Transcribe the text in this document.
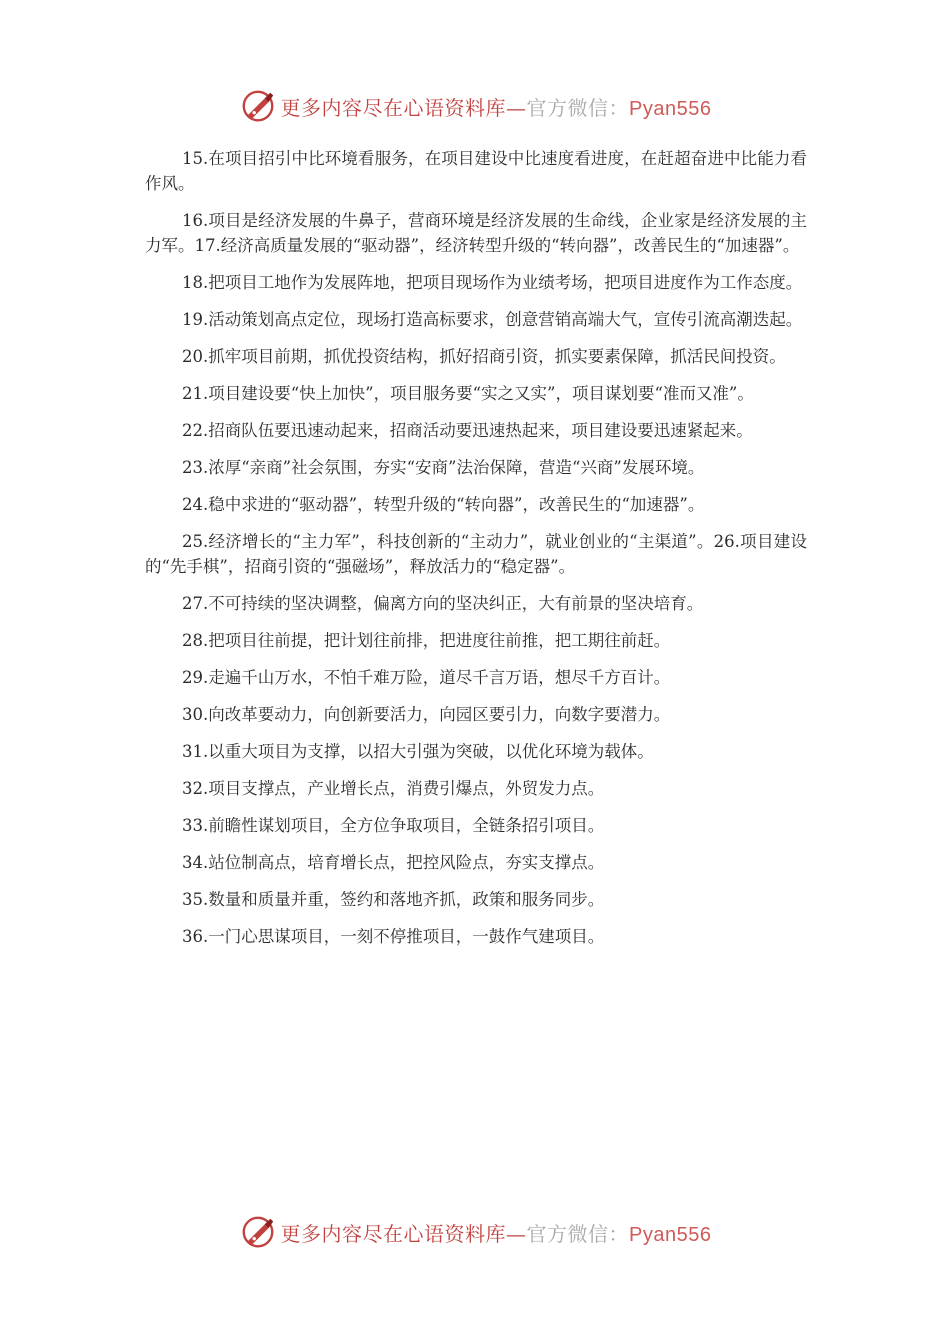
更多内容尽在心语资料库—官方微信：Pyan556

15.在项目招引中比环境看服务，在项目建设中比速度看进度，在赶超奋进中比能力看作风。

16.项目是经济发展的牛鼻子，营商环境是经济发展的生命线，企业家是经济发展的主力军。17.经济高质量发展的“驱动器”，经济转型升级的“转向器”，改善民生的“加速器”。

18.把项目工地作为发展阵地，把项目现场作为业绩考场，把项目进度作为工作态度。

19.活动策划高点定位，现场打造高标要求，创意营销高端大气，宣传引流高潮迭起。

20.抓牢项目前期，抓优投资结构，抓好招商引资，抓实要素保障，抓活民间投资。

21.项目建设要“快上加快”，项目服务要“实之又实”，项目谋划要“准而又准”。

22.招商队伍要迅速动起来，招商活动要迅速热起来，项目建设要迅速紧起来。

23.浓厚“亲商”社会氛围，夯实“安商”法治保障，营造“兴商”发展环境。

24.稳中求进的“驱动器”，转型升级的“转向器”，改善民生的“加速器”。

25.经济增长的“主力军”，科技创新的“主动力”，就业创业的“主渠道”。26.项目建设的“先手棋”，招商引资的“强磁场”，释放活力的“稳定器”。

27.不可持续的坚决调整，偏离方向的坚决纠正，大有前景的坚决培育。

28.把项目往前提，把计划往前排，把进度往前推，把工期往前赶。

29.走遍千山万水，不怕千难万险，道尽千言万语，想尽千方百计。

30.向改革要动力，向创新要活力，向园区要引力，向数字要潜力。

31.以重大项目为支撑，以招大引强为突破，以优化环境为载体。

32.项目支撑点，产业增长点，消费引爆点，外贸发力点。

33.前瞻性谋划项目，全方位争取项目，全链条招引项目。

34.站位制高点，培育增长点，把控风险点，夯实支撑点。

35.数量和质量并重，签约和落地齐抓，政策和服务同步。

36.一门心思谋项目，一刻不停推项目，一鼓作气建项目。

更多内容尽在心语资料库—官方微信：Pyan556
